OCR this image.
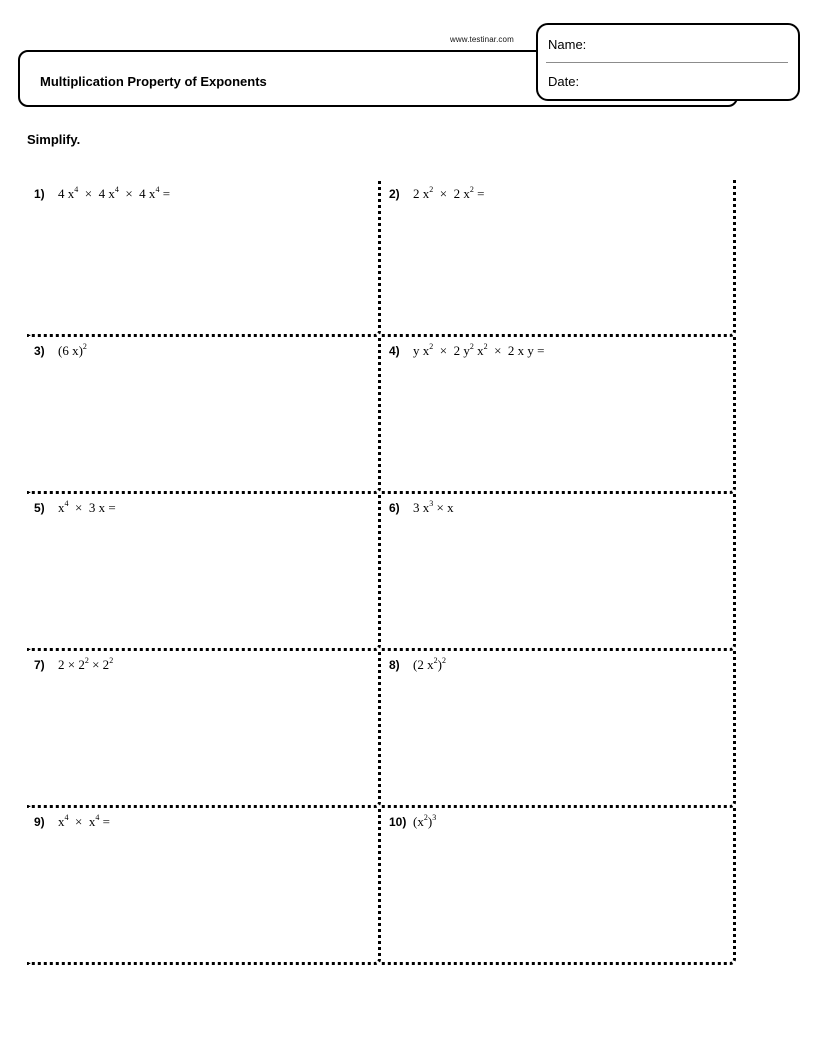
www.testinar.com
Multiplication Property of Exponents
Name:
Date:
Simplify.
1) 4 $x^4 \times 4$ $x^4 \times 4$ $x^4$ =	2) 2 $x^2 \times 2$ $x^2$ =
3) (6 x)$^2$	4) y $x^2 \times 2$ $y^2$ $x^2 \times 2$ x y =
5) $x^4 \times 3$ x =	6) 3 $x^3 \times x$
7) $2 \times 2^2 \times 2^2$	8) (2 $x^2)^2$
9) $x^4 \times x^4$ =	10) $(x^2)^3$
